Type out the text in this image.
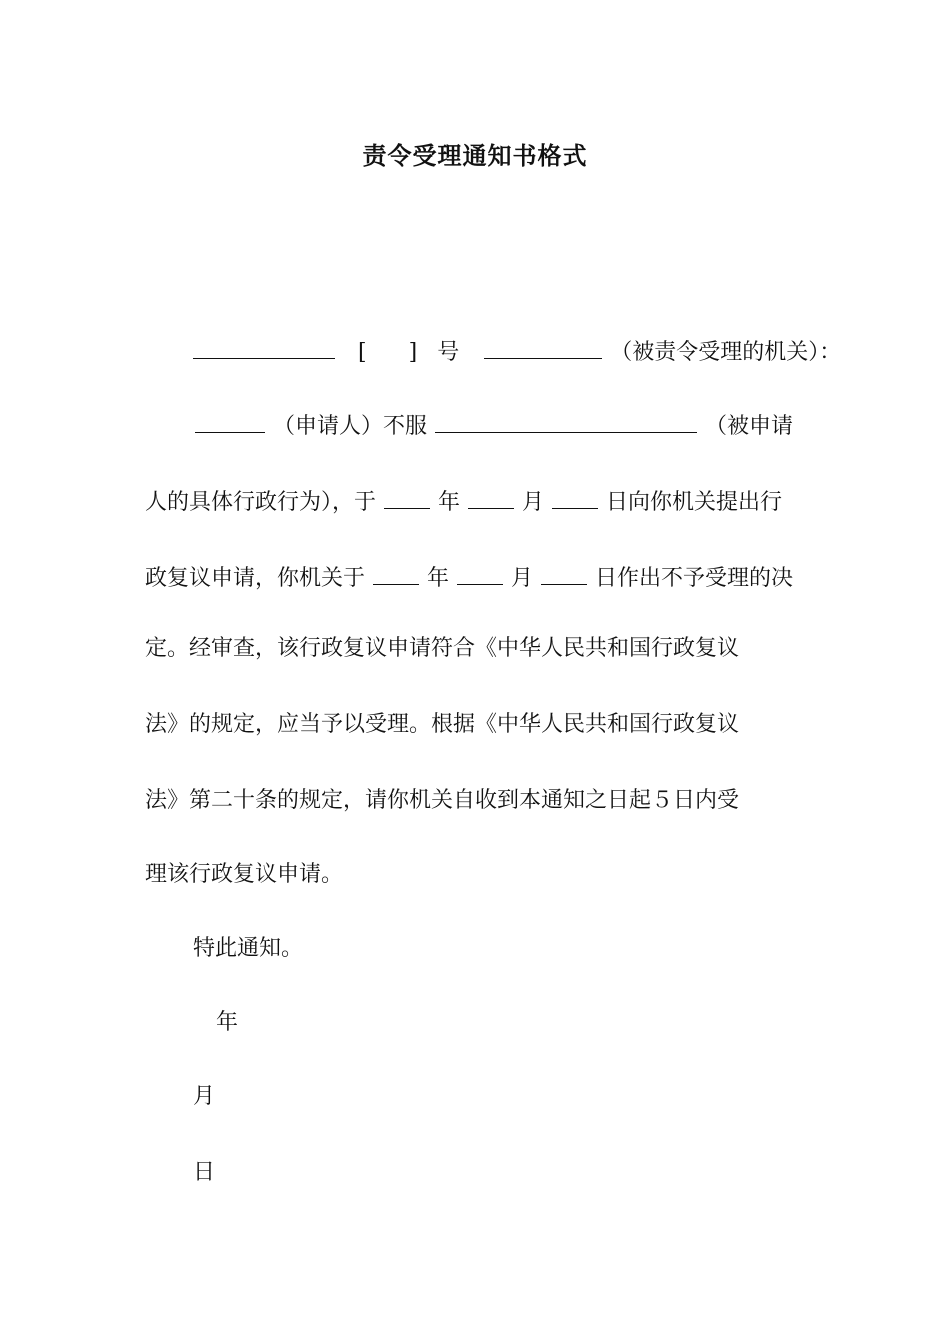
责令受理通知书格式
[ ] 号	（被责令受理的机关）：
（申请人）不服	（被申请
人的具体行政行为），于	年	月	日向你机关提出行
政复议申请，你机关于	年	月	日作出不予受理的决
定。经审查，该行政复议申请符合《中华人民共和国行政复议
法》的规定，应当予以受理。根据《中华人民共和国行政复议
法》第二十条的规定，请你机关自收到本通知之日起５日内受
理该行政复议申请。
特此通知。
年
月
日
